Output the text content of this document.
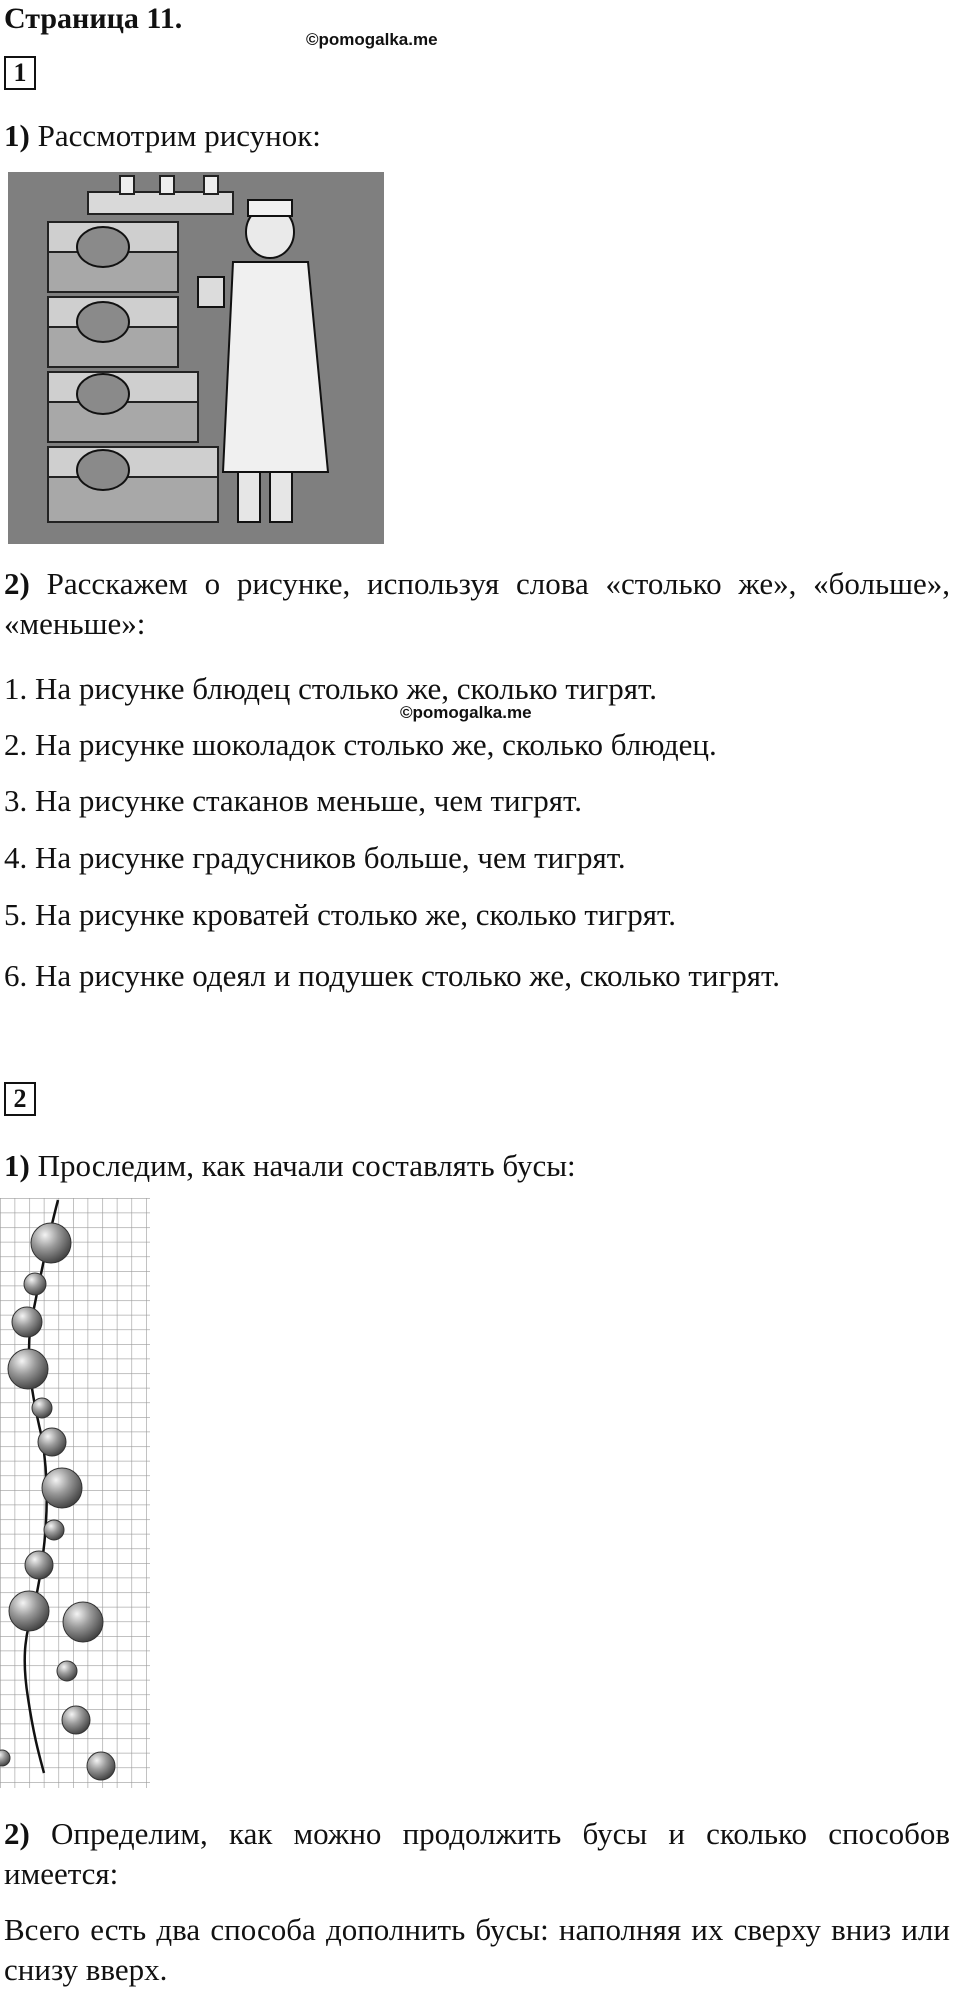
Страница 11.
©pomogalka.me
1
1) Рассмотрим рисунок:
2) Расскажем о рисунке, используя слова «столько же», «больше», «меньше»:
1. На рисунке блюдец столько же, сколько тигрят.
©pomogalka.me
2. На рисунке шоколадок столько же, сколько блюдец.
3. На рисунке стаканов меньше, чем тигрят.
4. На рисунке градусников больше, чем тигрят.
5. На рисунке кроватей столько же, сколько тигрят.
6. На рисунке одеял и подушек столько же, сколько тигрят.
2
1) Проследим, как начали составлять бусы:
2) Определим, как можно продолжить бусы и сколько способов имеется:
Всего есть два способа дополнить бусы: наполняя их сверху вниз или снизу вверх.
